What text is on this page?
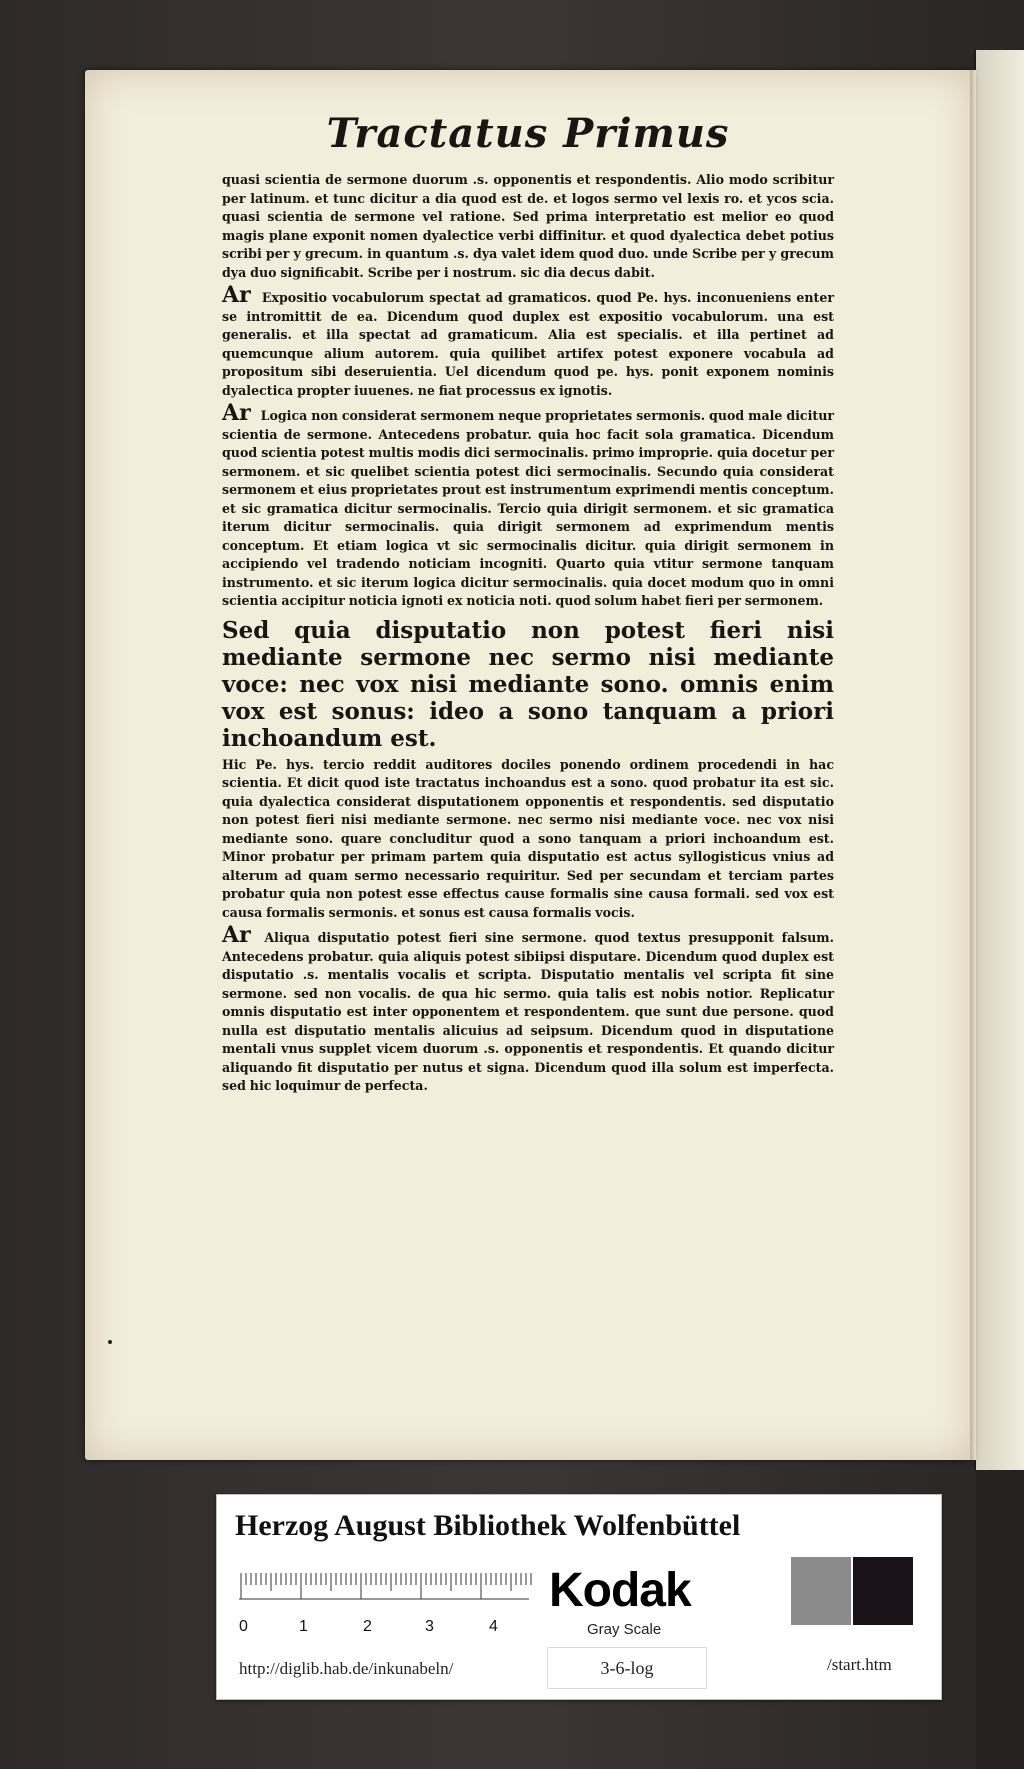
Tractatus Primus

quasi scientia de sermone duorum .s. opponentis et respondentis. Alio modo scribitur per latinum. et tunc dicitur a dia quod est de. et logos sermo vel lexis ro. et ycos scia. quasi scientia de sermone vel ratione. Sed prima interpretatio est melior eo quod magis plane exponit nomen dyalectice verbi diffinitur. et quod dyalectica debet potius scribi per y grecum. in quantum .s. dya valet idem quod duo. unde Scribe per y grecum dya duo significabit. Scribe per i nostrum. sic dia decus dabit.

Ar Expositio vocabulorum spectat ad gramaticos. quod Pe. hys. inconueniens enter se intromittit de ea. Dicendum quod duplex est expositio vocabulorum. una est generalis. et illa spectat ad gramaticum. Alia est specialis. et illa pertinet ad quemcunque alium autorem. quia quilibet artifex potest exponere vocabula ad propositum sibi deseruientia. Uel dicendum quod pe. hys. ponit exponem nominis dyalectica propter iuuenes. ne fiat processus ex ignotis.

Ar Logica non considerat sermonem neque proprietates sermonis. quod male dicitur scientia de sermone. Antecedens probatur. quia hoc facit sola gramatica. Dicendum quod scientia potest multis modis dici sermocinalis. primo improprie. quia docetur per sermonem. et sic quelibet scientia potest dici sermocinalis. Secundo quia considerat sermonem et eius proprietates prout est instrumentum exprimendi mentis conceptum. et sic gramatica dicitur sermocinalis. Tercio quia dirigit sermonem. et sic gramatica iterum dicitur sermocinalis. quia dirigit sermonem ad exprimendum mentis conceptum. Et etiam logica vt sic sermocinalis dicitur. quia dirigit sermonem in accipiendo vel tradendo noticiam incogniti. Quarto quia vtitur sermone tanquam instrumento. et sic iterum logica dicitur sermocinalis. quia docet modum quo in omni scientia accipitur noticia ignoti ex noticia noti. quod solum habet fieri per sermonem.

Sed quia disputatio non potest fieri nisi mediante sermone nec sermo nisi mediante voce: nec vox nisi mediante sono. omnis enim vox est sonus: ideo a sono tanquam a priori inchoandum est.

Hic Pe. hys. tercio reddit auditores dociles ponendo ordinem procedendi in hac scientia. Et dicit quod iste tractatus inchoandus est a sono. quod probatur ita est sic. quia dyalectica considerat disputationem opponentis et respondentis. sed disputatio non potest fieri nisi mediante sermone. nec sermo nisi mediante voce. nec vox nisi mediante sono. quare concluditur quod a sono tanquam a priori inchoandum est. Minor probatur per primam partem quia disputatio est actus syllogisticus vnius ad alterum ad quam sermo necessario requiritur. Sed per secundam et terciam partes probatur quia non potest esse effectus cause formalis sine causa formali. sed vox est causa formalis sermonis. et sonus est causa formalis vocis.

Ar Aliqua disputatio potest fieri sine sermone. quod textus presupponit falsum. Antecedens probatur. quia aliquis potest sibiipsi disputare. Dicendum quod duplex est disputatio .s. mentalis vocalis et scripta. Disputatio mentalis vel scripta fit sine sermone. sed non vocalis. de qua hic sermo. quia talis est nobis notior. Replicatur omnis disputatio est inter opponentem et respondentem. que sunt due persone. quod nulla est disputatio mentalis alicuius ad seipsum. Dicendum quod in disputatione mentali vnus supplet vicem duorum .s. opponentis et respondentis. Et quando dicitur aliquando fit disputatio per nutus et signa. Dicendum quod illa solum est imperfecta. sed hic loquimur de perfecta.

Herzog August Bibliothek Wolfenbüttel
0	1	2	3	4
Kodak
Gray Scale
http://diglib.hab.de/inkunabeln/	3-6-log	/start.htm
